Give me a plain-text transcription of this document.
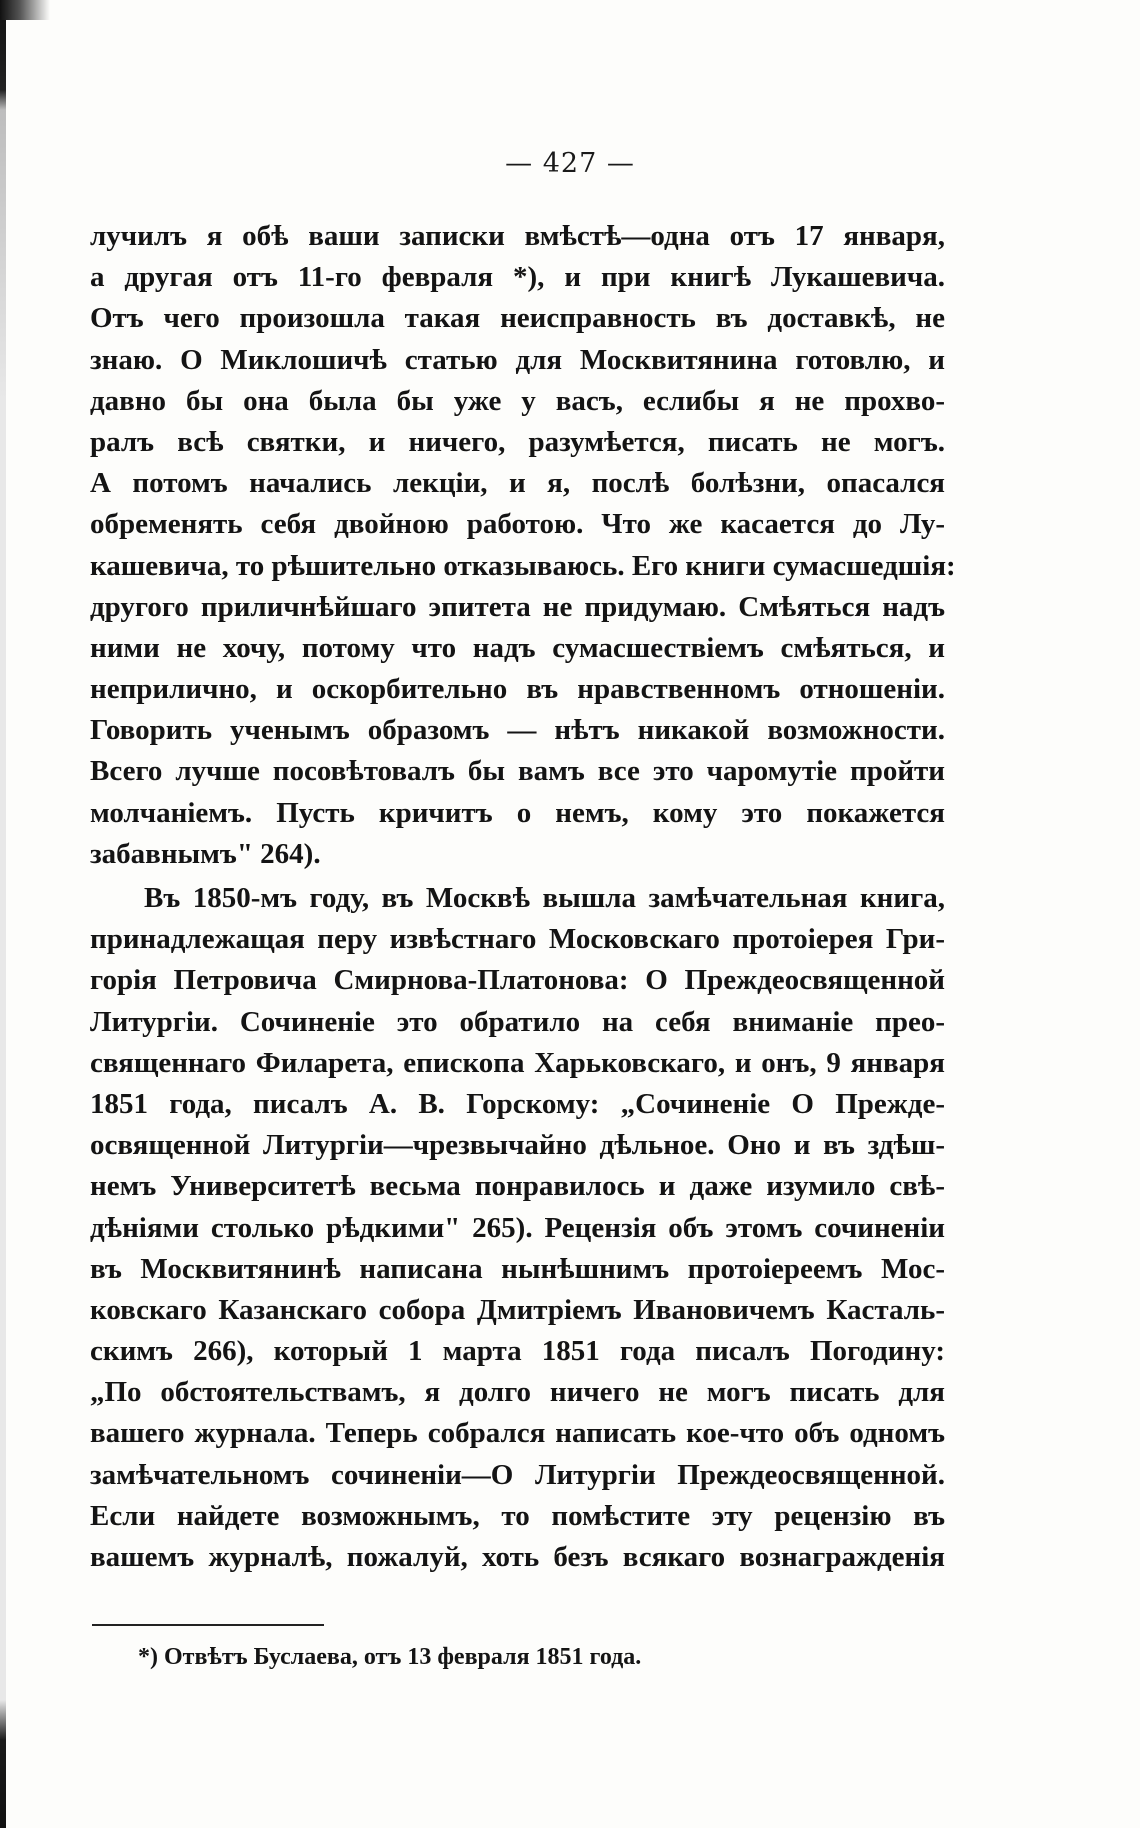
— 427 —
лучилъ я обѣ ваши записки вмѣстѣ—одна отъ 17 января,
а другая отъ 11-го февраля *), и при книгѣ Лукашевича.
Отъ чего произошла такая неисправность въ доставкѣ, не
знаю. О Миклошичѣ статью для Москвитянина готовлю, и
давно бы она была бы уже у васъ, еслибы я не прохво-
ралъ всѣ святки, и ничего, разумѣется, писать не могъ.
А потомъ начались лекціи, и я, послѣ болѣзни, опасался
обременять себя двойною работою. Что же касается до Лу-
кашевича, то рѣшительно отказываюсь. Его книги сумасшедшія:
другого приличнѣйшаго эпитета не придумаю. Смѣяться надъ
ними не хочу, потому что надъ сумасшествіемъ смѣяться, и
неприлично, и оскорбительно въ нравственномъ отношеніи.
Говорить ученымъ образомъ — нѣтъ никакой возможности.
Всего лучше посовѣтовалъ бы вамъ все это чаромутіе пройти
молчаніемъ. Пусть кричитъ о немъ, кому это покажется
забавнымъ" 264).
Въ 1850-мъ году, въ Москвѣ вышла замѣчательная книга,
принадлежащая перу извѣстнаго Московскаго протоіерея Гри-
горія Петровича Смирнова-Платонова: О Преждеосвященной
Литургіи. Сочиненіе это обратило на себя вниманіе прео-
священнаго Филарета, епископа Харьковскаго, и онъ, 9 января
1851 года, писалъ А. В. Горскому: „Сочиненіе О Прежде-
освященной Литургіи—чрезвычайно дѣльное. Оно и въ здѣш-
немъ Университетѣ весьма понравилось и даже изумило свѣ-
дѣніями столько рѣдкими" 265). Рецензія объ этомъ сочиненіи
въ Москвитянинѣ написана нынѣшнимъ протоіереемъ Мос-
ковскаго Казанскаго собора Дмитріемъ Ивановичемъ Касталь-
скимъ 266), который 1 марта 1851 года писалъ Погодину:
„По обстоятельствамъ, я долго ничего не могъ писать для
вашего журнала. Теперь собрался написать кое-что объ одномъ
замѣчательномъ сочиненіи—О Литургіи Преждеосвященной.
Если найдете возможнымъ, то помѣстите эту рецензію въ
вашемъ журналѣ, пожалуй, хоть безъ всякаго вознагражденія
*) Отвѣтъ Буслаева, отъ 13 февраля 1851 года.
